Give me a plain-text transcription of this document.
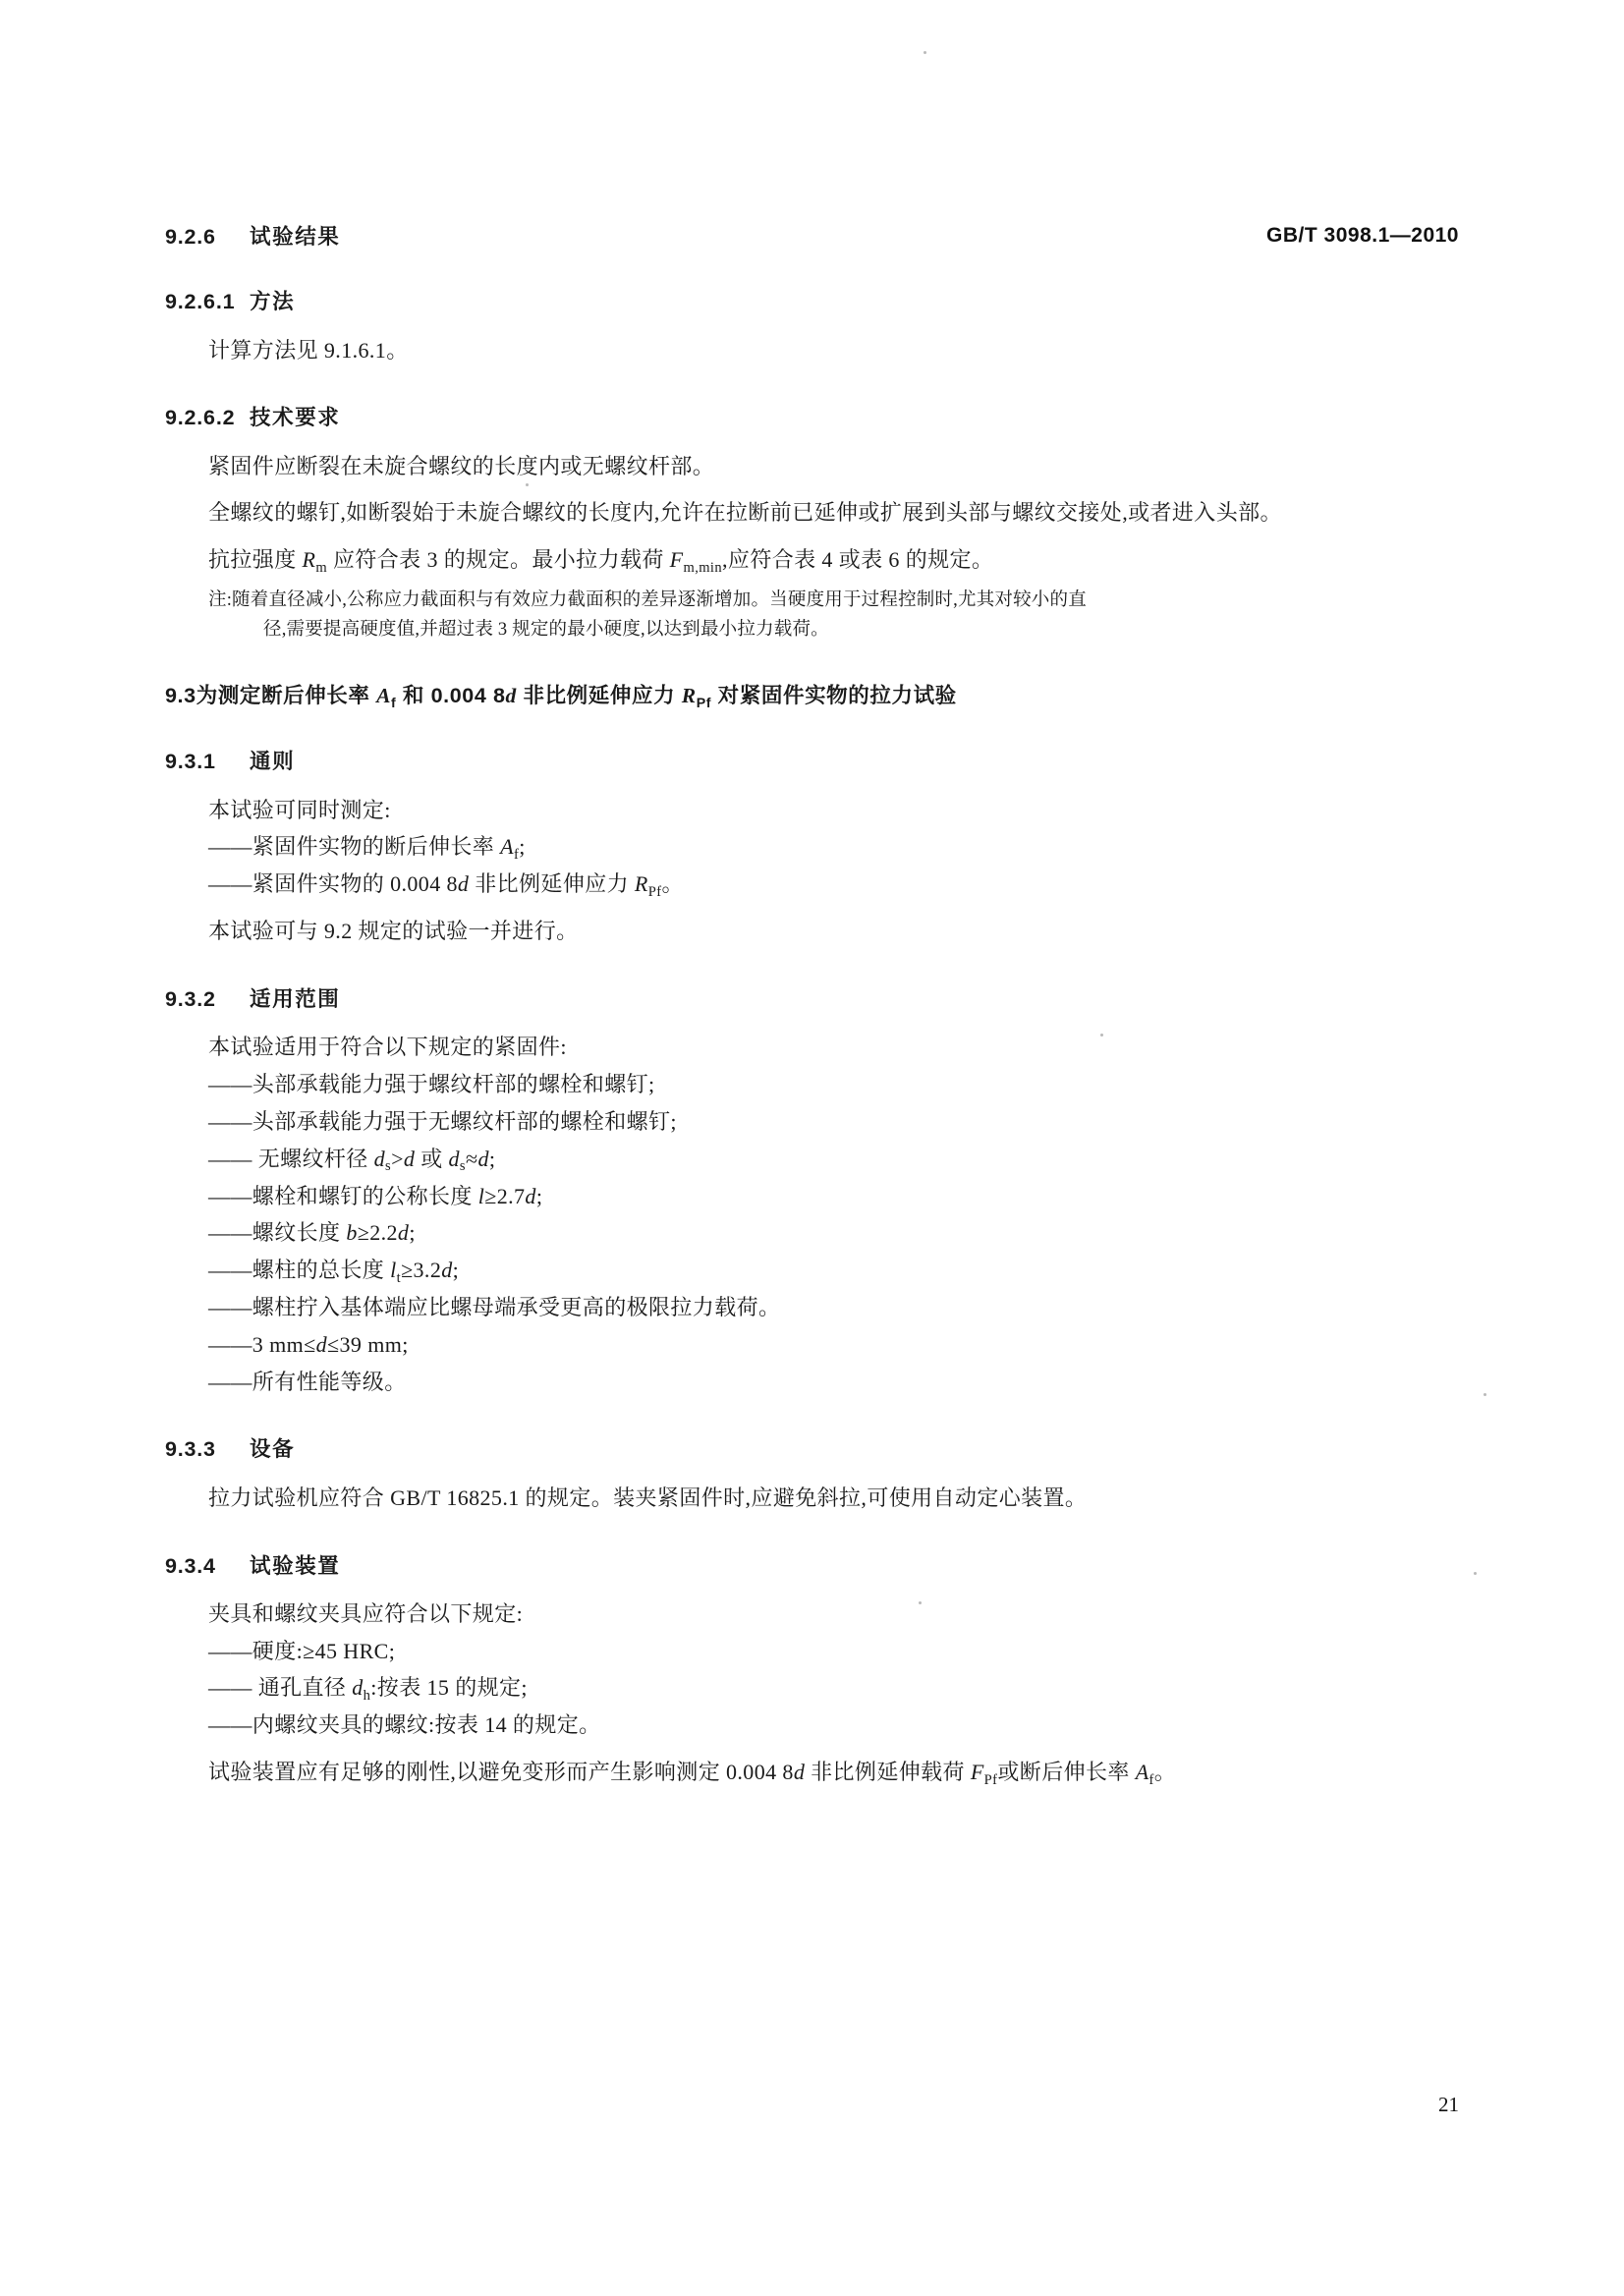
GB/T 3098.1—2010
9.2.6 试验结果
9.2.6.1 方法

计算方法见 9.1.6.1。

9.2.6.2 技术要求

紧固件应断裂在未旋合螺纹的长度内或无螺纹杆部。

全螺纹的螺钉,如断裂始于未旋合螺纹的长度内,允许在拉断前已延伸或扩展到头部与螺纹交接处,或者进入头部。

抗拉强度 $R_m$ 应符合表 3 的规定。最小拉力载荷 $F_{m,min}$,应符合表 4 或表 6 的规定。

注:随着直径减小,公称应力截面积与有效应力截面积的差异逐渐增加。当硬度用于过程控制时,尤其对较小的直
径,需要提高硬度值,并超过表 3 规定的最小硬度,以达到最小拉力载荷。
9.3为测定断后伸长率 $A_f$ 和 0.004 8d 非比例延伸应力 $R_{Pf}$ 对紧固件实物的拉力试验
9.3.1 通则

本试验可同时测定:

——紧固件实物的断后伸长率 $A_f$;

——紧固件实物的 0.004 8d 非比例延伸应力 $R_{Pf}$。

本试验可与 9.2 规定的试验一并进行。

9.3.2 适用范围

本试验适用于符合以下规定的紧固件:

——头部承载能力强于螺纹杆部的螺栓和螺钉;

——头部承载能力强于无螺纹杆部的螺栓和螺钉;

—— 无螺纹杆径 $d_s>d$ 或 $d_s\approx d$;

——螺栓和螺钉的公称长度 l≥2.7d;

——螺纹长度 b≥2.2d;

——螺柱的总长度 $l_t\ge 3.2d$;

——螺柱拧入基体端应比螺母端承受更高的极限拉力载荷。

——3 mm≤d≤39 mm;

——所有性能等级。

9.3.3 设备

拉力试验机应符合 GB/T 16825.1 的规定。装夹紧固件时,应避免斜拉,可使用自动定心装置。

9.3.4 试验装置

夹具和螺纹夹具应符合以下规定:

——硬度:≥45 HRC;

—— 通孔直径 $d_h$:按表 15 的规定;

——内螺纹夹具的螺纹:按表 14 的规定。

试验装置应有足够的刚性,以避免变形而产生影响测定 0.004 8d 非比例延伸载荷 $F_{Pf}$或断后伸长率 $A_f$。

21
